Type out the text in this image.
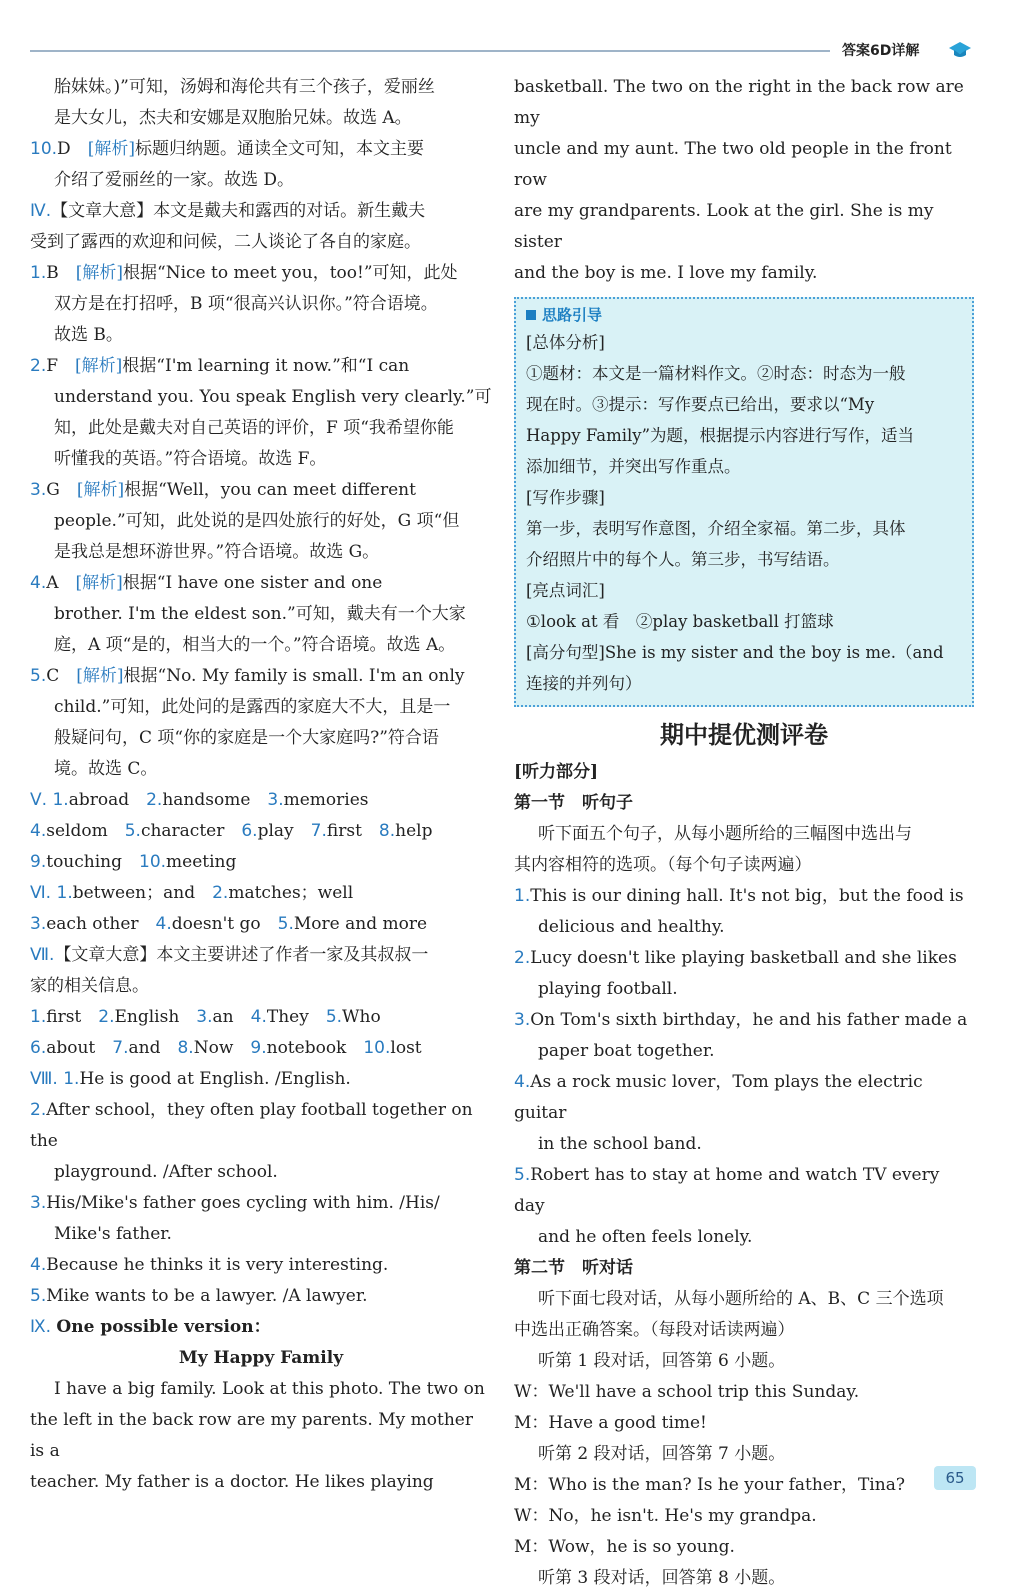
答案6D详解
胎妹妹。)”可知，汤姆和海伦共有三个孩子，爱丽丝
是大女儿，杰夫和安娜是双胞胎兄妹。故选 A。
10.D　 [解析]标题归纳题。通读全文可知，本文主要
介绍了爱丽丝的一家。故选 D。
Ⅳ.【文章大意】本文是戴夫和露西的对话。新生戴夫
受到了露西的欢迎和问候，二人谈论了各自的家庭。
1.B　 [解析]根据“Nice to meet you，too!”可知，此处
双方是在打招呼，B 项“很高兴认识你。”符合语境。
故选 B。
2.F　 [解析]根据“I'm learning it now.”和“I can
understand you. You speak English very clearly.”可
知，此处是戴夫对自己英语的评价，F 项“我希望你能
听懂我的英语。”符合语境。故选 F。
3.G　 [解析]根据“Well，you can meet different
people.”可知，此处说的是四处旅行的好处，G 项“但
是我总是想环游世界。”符合语境。故选 G。
4.A　 [解析]根据“I have one sister and one
brother. I'm the eldest son.”可知，戴夫有一个大家
庭，A 项“是的，相当大的一个。”符合语境。故选 A。
5.C　 [解析]根据“No. My family is small. I'm an only
child.”可知，此处问的是露西的家庭大不大，且是一
般疑问句，C 项“你的家庭是一个大家庭吗?”符合语
境。故选 C。
Ⅴ. 1.abroad　 2.handsome　 3.memories
4.seldom　 5.character　 6.play　 7.first　 8.help
9.touching　 10.meeting
Ⅵ. 1.between；and　 2.matches；well
3.each other　 4.doesn't go　 5.More and more
Ⅶ.【文章大意】本文主要讲述了作者一家及其叔叔一
家的相关信息。
1.first　 2.English　 3.an　 4.They　 5.Who
6.about　 7.and　 8.Now　 9.notebook　 10.lost
Ⅷ. 1.He is good at English. /English.
2.After school，they often play football together on the
playground. /After school.
3.His/Mike's father goes cycling with him. /His/
Mike's father.
4.Because he thinks it is very interesting.
5.Mike wants to be a lawyer. /A lawyer.
Ⅸ. One possible version：
My Happy Family
I have a big family. Look at this photo. The two on
the left in the back row are my parents. My mother is a
teacher. My father is a doctor. He likes playing
basketball. The two on the right in the back row are my
uncle and my aunt. The two old people in the front row
are my grandparents. Look at the girl. She is my sister
and the boy is me. I love my family.
思路引导
[总体分析]
①题材：本文是一篇材料作文。②时态：时态为一般
现在时。③提示：写作要点已给出，要求以“My
Happy Family”为题，根据提示内容进行写作，适当
添加细节，并突出写作重点。
[写作步骤]
第一步，表明写作意图，介绍全家福。第二步，具体
介绍照片中的每个人。第三步，书写结语。
[亮点词汇]
①look at 看　②play basketball 打篮球
[高分句型]She is my sister and the boy is me.（and
连接的并列句）
期中提优测评卷
[听力部分]
第一节　听句子
听下面五个句子，从每小题所给的三幅图中选出与
其内容相符的选项。（每个句子读两遍）
1.This is our dining hall. It's not big，but the food is
delicious and healthy.
2.Lucy doesn't like playing basketball and she likes
playing football.
3.On Tom's sixth birthday，he and his father made a
paper boat together.
4.As a rock music lover，Tom plays the electric guitar
in the school band.
5.Robert has to stay at home and watch TV every day
and he often feels lonely.
第二节　听对话
听下面七段对话，从每小题所给的 A、B、C 三个选项
中选出正确答案。（每段对话读两遍）
听第 1 段对话，回答第 6 小题。
W：We'll have a school trip this Sunday.
M：Have a good time!
听第 2 段对话，回答第 7 小题。
M：Who is the man? Is he your father，Tina?
W：No，he isn't. He's my grandpa.
M：Wow，he is so young.
听第 3 段对话，回答第 8 小题。
65
